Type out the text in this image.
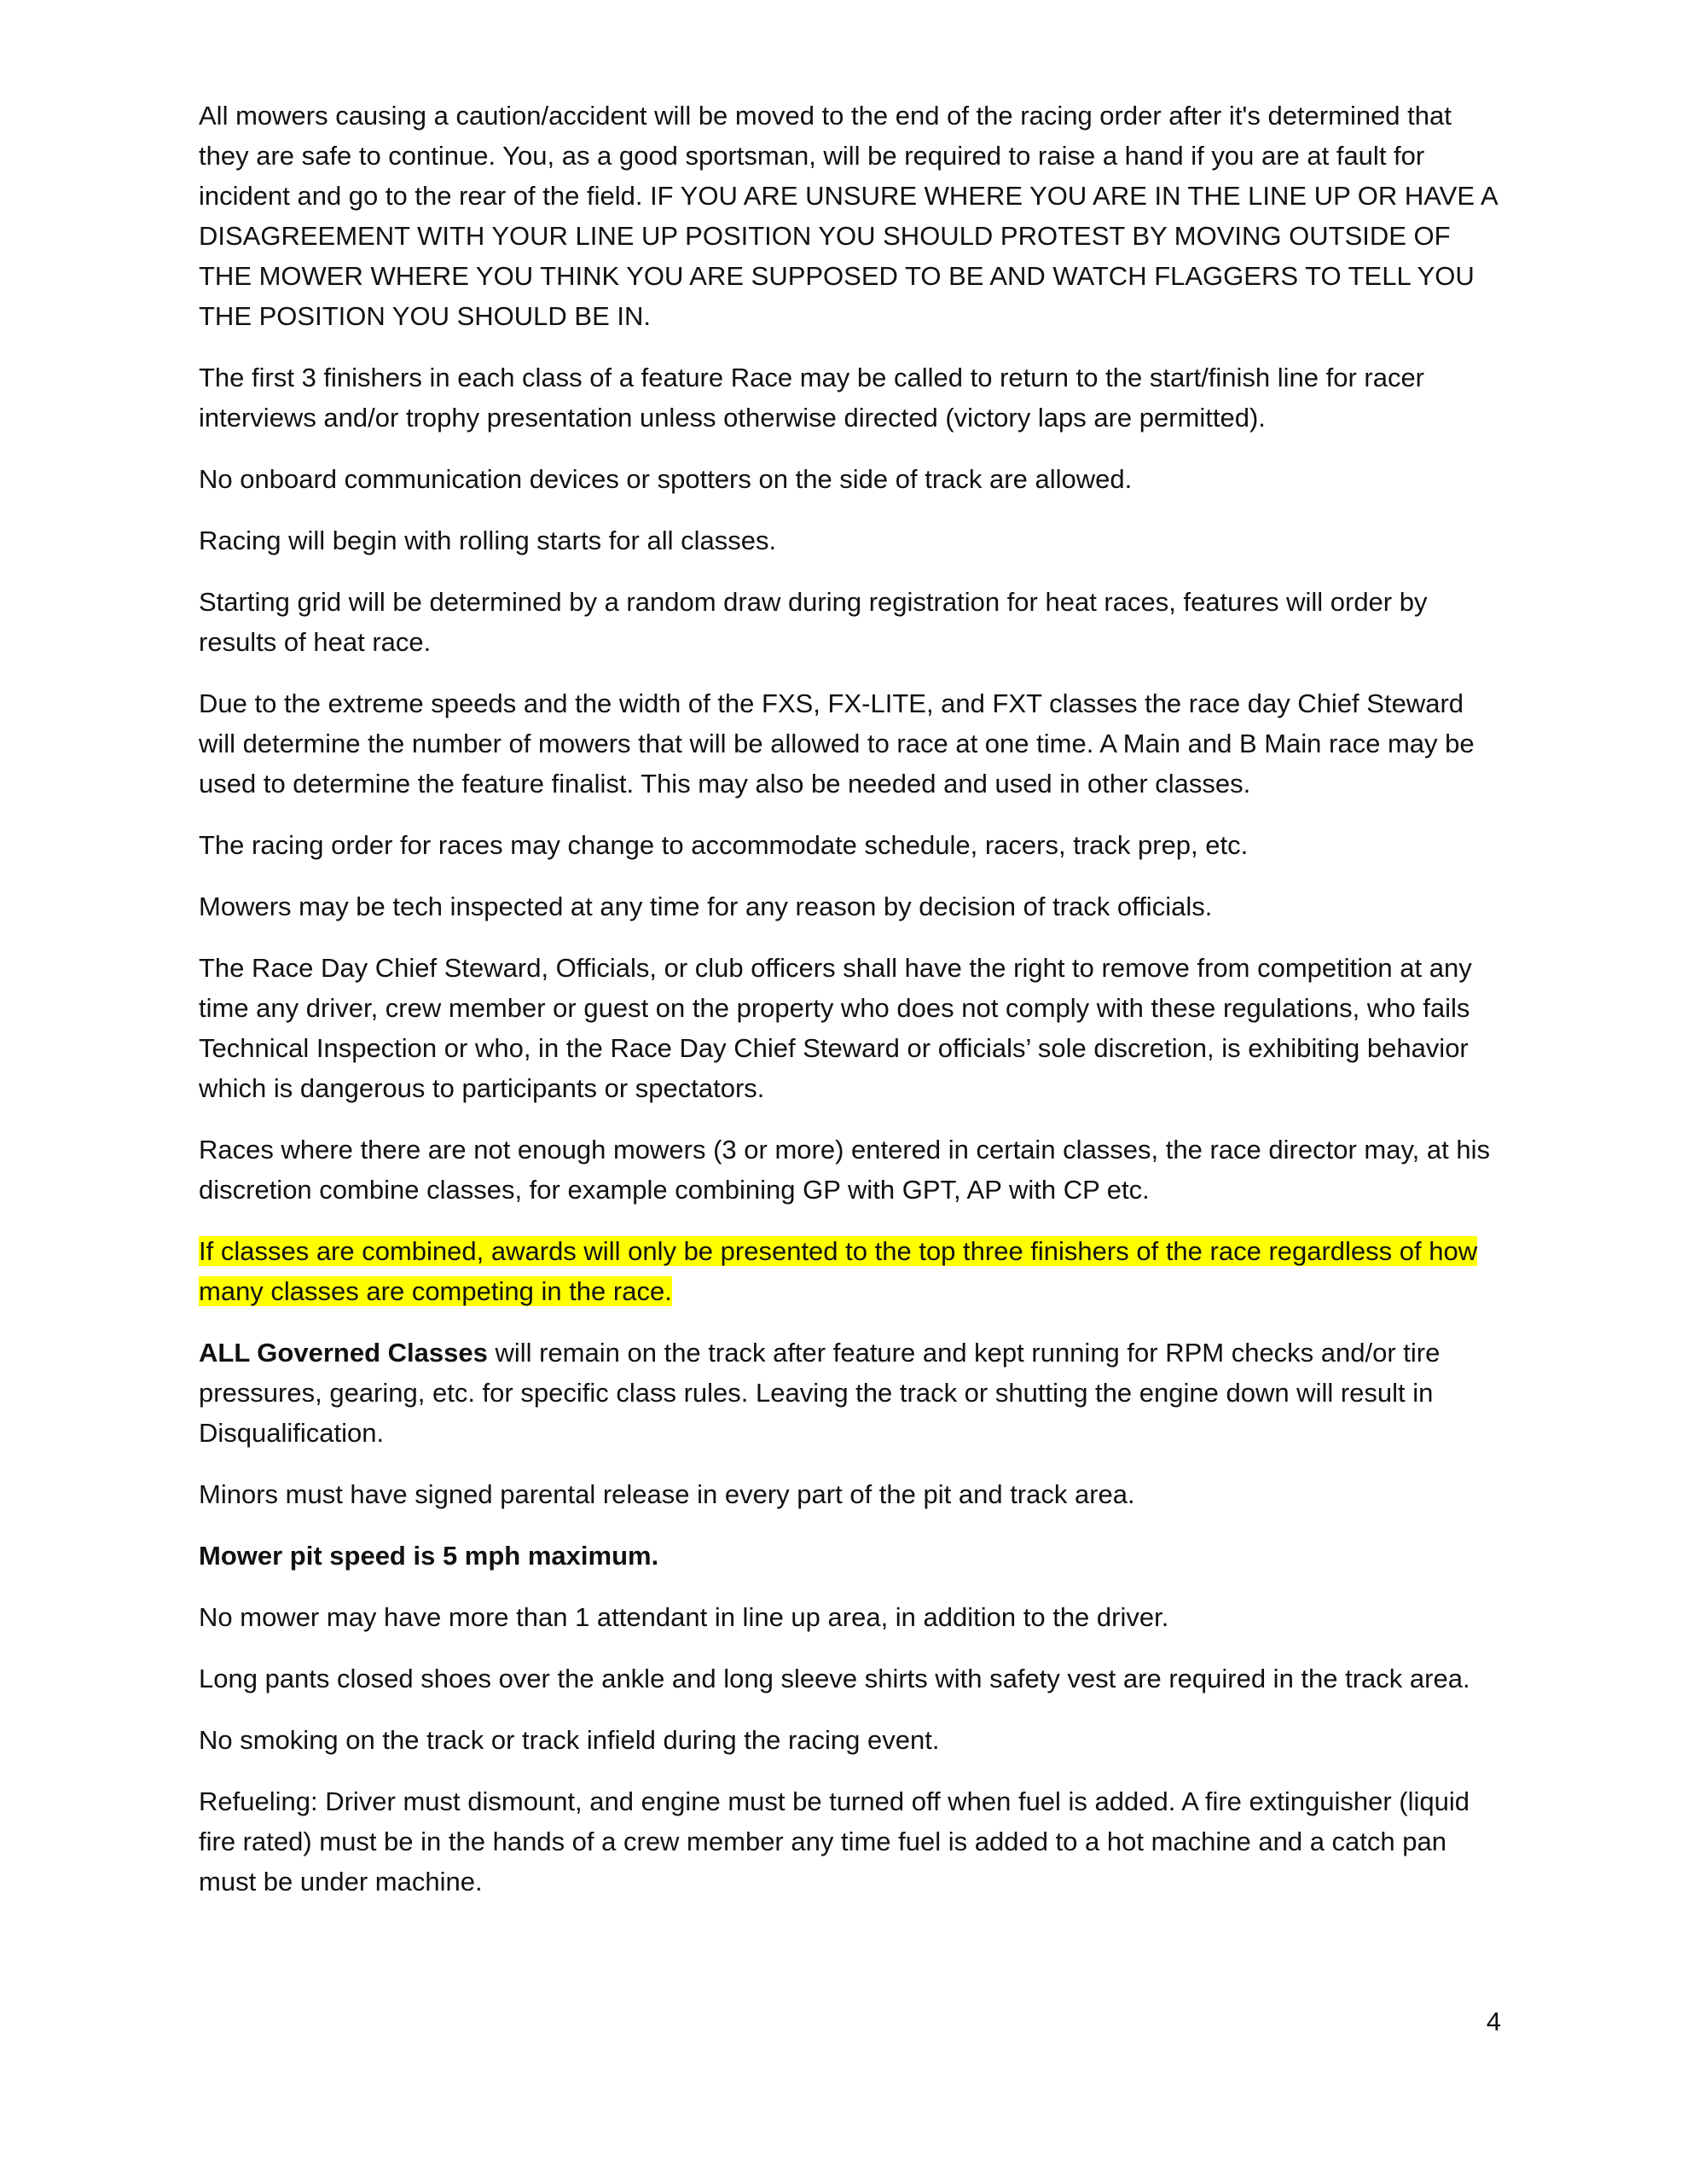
All mowers causing a caution/accident will be moved to the end of the racing order after it's determined that they are safe to continue. You, as a good sportsman, will be required to raise a hand if you are at fault for incident and go to the rear of the field. IF YOU ARE UNSURE WHERE YOU ARE IN THE LINE UP OR HAVE A DISAGREEMENT WITH YOUR LINE UP POSITION YOU SHOULD PROTEST BY MOVING OUTSIDE OF THE MOWER WHERE YOU THINK YOU ARE SUPPOSED TO BE AND WATCH FLAGGERS TO TELL YOU THE POSITION YOU SHOULD BE IN.

The first 3 finishers in each class of a feature Race may be called to return to the start/finish line for racer interviews and/or trophy presentation unless otherwise directed (victory laps are permitted).

No onboard communication devices or spotters on the side of track are allowed.

Racing will begin with rolling starts for all classes.

Starting grid will be determined by a random draw during registration for heat races, features will order by results of heat race.

Due to the extreme speeds and the width of the FXS, FX-LITE, and FXT classes the race day Chief Steward will determine the number of mowers that will be allowed to race at one time. A Main and B Main race may be used to determine the feature finalist. This may also be needed and used in other classes.

The racing order for races may change to accommodate schedule, racers, track prep, etc.

Mowers may be tech inspected at any time for any reason by decision of track officials.

The Race Day Chief Steward, Officials, or club officers shall have the right to remove from competition at any time any driver, crew member or guest on the property who does not comply with these regulations, who fails Technical Inspection or who, in the Race Day Chief Steward or officials’ sole discretion, is exhibiting behavior which is dangerous to participants or spectators.

Races where there are not enough mowers (3 or more) entered in certain classes, the race director may, at his discretion combine classes, for example combining GP with GPT, AP with CP etc.

If classes are combined, awards will only be presented to the top three finishers of the race regardless of how many classes are competing in the race.

ALL Governed Classes will remain on the track after feature and kept running for RPM checks and/or tire pressures, gearing, etc. for specific class rules. Leaving the track or shutting the engine down will result in Disqualification.

Minors must have signed parental release in every part of the pit and track area.

Mower pit speed is 5 mph maximum.

No mower may have more than 1 attendant in line up area, in addition to the driver.

Long pants closed shoes over the ankle and long sleeve shirts with safety vest are required in the track area.

No smoking on the track or track infield during the racing event.

Refueling: Driver must dismount, and engine must be turned off when fuel is added. A fire extinguisher (liquid fire rated) must be in the hands of a crew member any time fuel is added to a hot machine and a catch pan must be under machine.

4
